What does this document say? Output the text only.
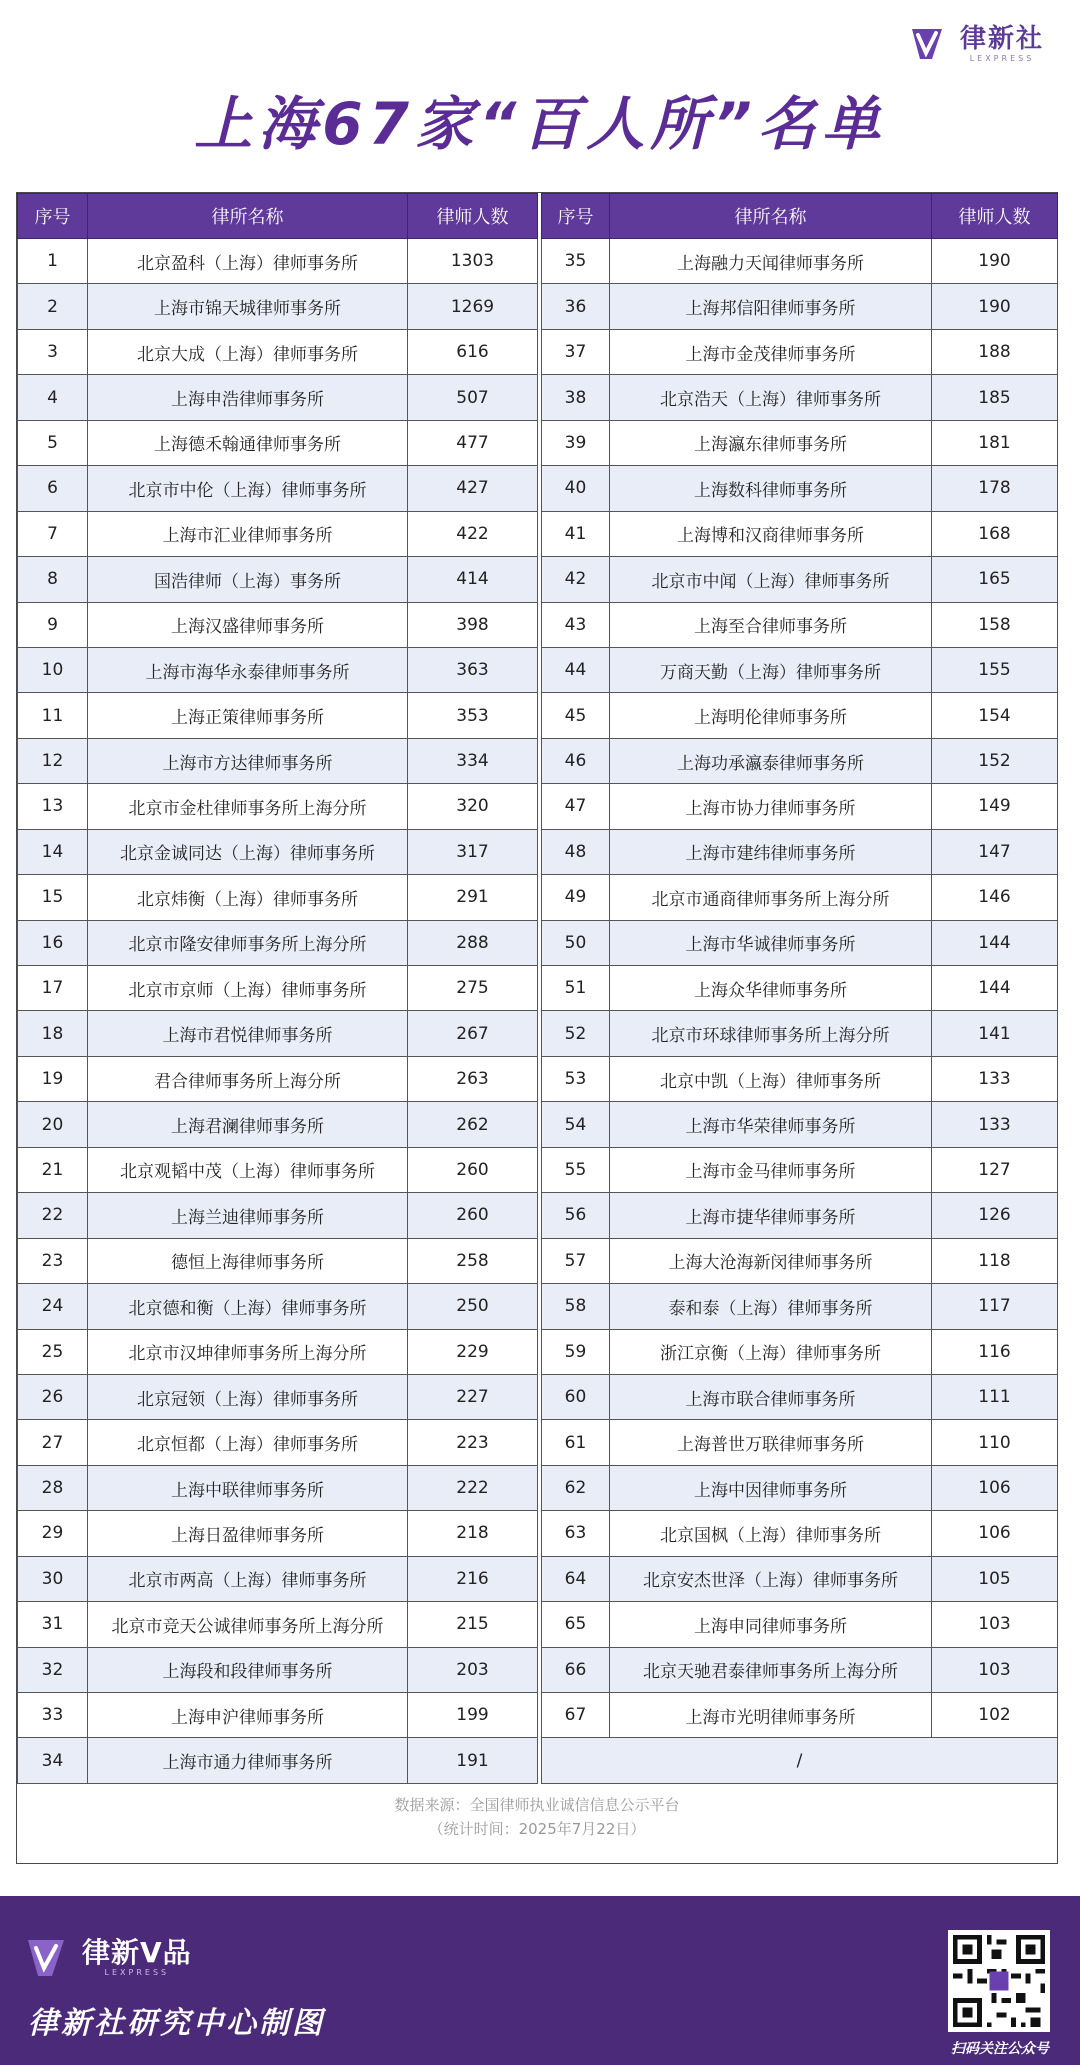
律新社
LEXPRESS
上海67家“百人所”名单
序号	律所名称	律师人数
1	北京盈科（上海）律师事务所	1303
2	上海市锦天城律师事务所	1269
3	北京大成（上海）律师事务所	616
4	上海申浩律师事务所	507
5	上海德禾翰通律师事务所	477
6	北京市中伦（上海）律师事务所	427
7	上海市汇业律师事务所	422
8	国浩律师（上海）事务所	414
9	上海汉盛律师事务所	398
10	上海市海华永泰律师事务所	363
11	上海正策律师事务所	353
12	上海市方达律师事务所	334
13	北京市金杜律师事务所上海分所	320
14	北京金诚同达（上海）律师事务所	317
15	北京炜衡（上海）律师事务所	291
16	北京市隆安律师事务所上海分所	288
17	北京市京师（上海）律师事务所	275
18	上海市君悦律师事务所	267
19	君合律师事务所上海分所	263
20	上海君澜律师事务所	262
21	北京观韬中茂（上海）律师事务所	260
22	上海兰迪律师事务所	260
23	德恒上海律师事务所	258
24	北京德和衡（上海）律师事务所	250
25	北京市汉坤律师事务所上海分所	229
26	北京冠领（上海）律师事务所	227
27	北京恒都（上海）律师事务所	223
28	上海中联律师事务所	222
29	上海日盈律师事务所	218
30	北京市两高（上海）律师事务所	216
31	北京市竞天公诚律师事务所上海分所	215
32	上海段和段律师事务所	203
33	上海申沪律师事务所	199
34	上海市通力律师事务所	191
序号	律所名称	律师人数
35	上海融力天闻律师事务所	190
36	上海邦信阳律师事务所	190
37	上海市金茂律师事务所	188
38	北京浩天（上海）律师事务所	185
39	上海瀛东律师事务所	181
40	上海数科律师事务所	178
41	上海博和汉商律师事务所	168
42	北京市中闻（上海）律师事务所	165
43	上海至合律师事务所	158
44	万商天勤（上海）律师事务所	155
45	上海明伦律师事务所	154
46	上海功承瀛泰律师事务所	152
47	上海市协力律师事务所	149
48	上海市建纬律师事务所	147
49	北京市通商律师事务所上海分所	146
50	上海市华诚律师事务所	144
51	上海众华律师事务所	144
52	北京市环球律师事务所上海分所	141
53	北京中凯（上海）律师事务所	133
54	上海市华荣律师事务所	133
55	上海市金马律师事务所	127
56	上海市捷华律师事务所	126
57	上海大沧海新闵律师事务所	118
58	泰和泰（上海）律师事务所	117
59	浙江京衡（上海）律师事务所	116
60	上海市联合律师事务所	111
61	上海普世万联律师事务所	110
62	上海中因律师事务所	106
63	北京国枫（上海）律师事务所	106
64	北京安杰世泽（上海）律师事务所	105
65	上海申同律师事务所	103
66	北京天驰君泰律师事务所上海分所	103
67	上海市光明律师事务所	102
/		
数据来源：全国律师执业诚信信息公示平台
（统计时间：2025年7月22日）
律新V品
LEXPRESS
律新社研究中心制图
扫码关注公众号
